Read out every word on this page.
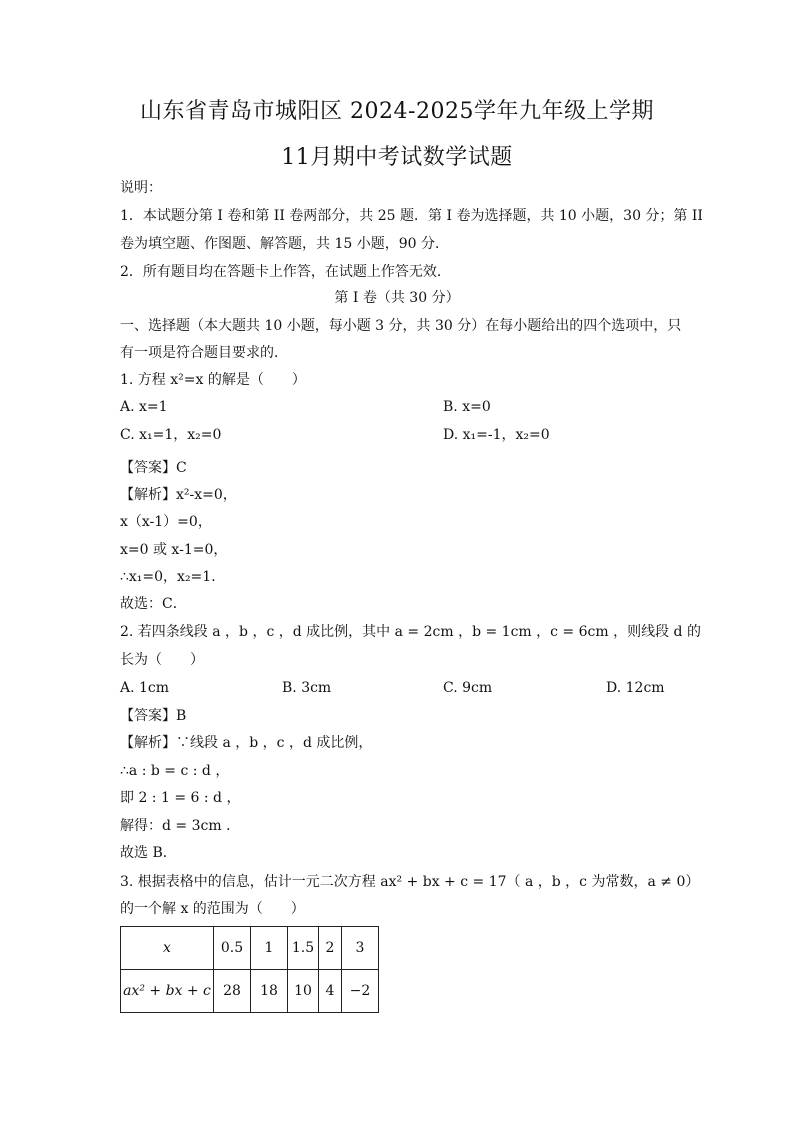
山东省青岛市城阳区 2024-2025学年九年级上学期
11月期中考试数学试题
说明：
1．本试题分第 I 卷和第 II 卷两部分，共 25 题．第 I 卷为选择题，共 10 小题，30 分；第 II
卷为填空题、作图题、解答题，共 15 小题，90 分．
2．所有题目均在答题卡上作答，在试题上作答无效．
第 I 卷（共 30 分）
一、选择题（本大题共 10 小题，每小题 3 分，共 30 分）在每小题给出的四个选项中，只
有一项是符合题目要求的．
1. 方程 x²=x 的解是（　　）
A. x=1	B. x=0
C. x₁=1，x₂=0	D. x₁=-1，x₂=0
【答案】C
【解析】x²-x=0，
x（x-1）=0，
x=0 或 x-1=0，
∴x₁=0，x₂=1．
故选：C．
2. 若四条线段 a ，b ，c ，d 成比例，其中 a = 2cm ，b = 1cm ，c = 6cm ，则线段 d 的
长为（　　）
A. 1cm	B. 3cm	C. 9cm	D. 12cm
【答案】B
【解析】∵线段 a ，b ，c ，d 成比例，
∴a : b = c : d ，
即 2 : 1 = 6 : d ，
解得：d = 3cm ．
故选 B．
3. 根据表格中的信息，估计一元二次方程 ax² + bx + c = 17（ a ，b ，c 为常数，a ≠ 0）
的一个解 x 的范围为（　　）
x	0.5	1	1.5	2	3
ax² + bx + c	28	18	10	4	−2
